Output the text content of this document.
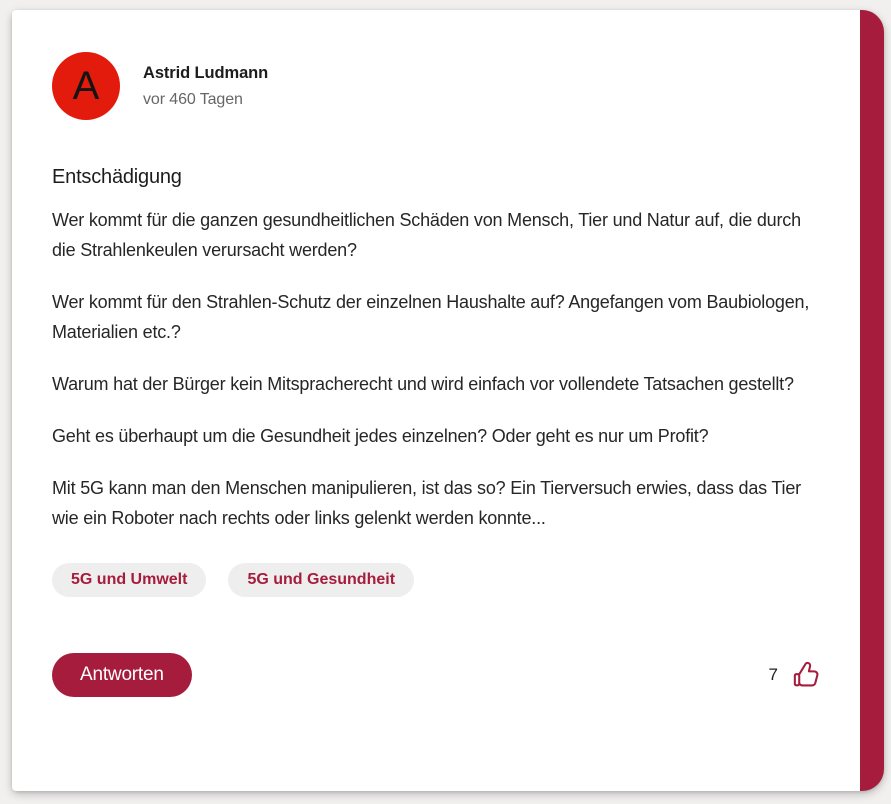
A	Astrid Ludmann
vor 460 Tagen
Entschädigung

Wer kommt für die ganzen gesundheitlichen Schäden von Mensch, Tier und Natur auf, die durch die Strahlenkeulen verursacht werden?

Wer kommt für den Strahlen-Schutz der einzelnen Haushalte auf? Angefangen vom Baubiologen, Materialien etc.?

Warum hat der Bürger kein Mitspracherecht und wird einfach vor vollendete Tatsachen gestellt?

Geht es überhaupt um die Gesundheit jedes einzelnen? Oder geht es nur um Profit?

Mit 5G kann man den Menschen manipulieren, ist das so? Ein Tierversuch erwies, dass das Tier wie ein Roboter nach rechts oder links gelenkt werden konnte...

5G und Umwelt	5G und Gesundheit
Antworten	7
